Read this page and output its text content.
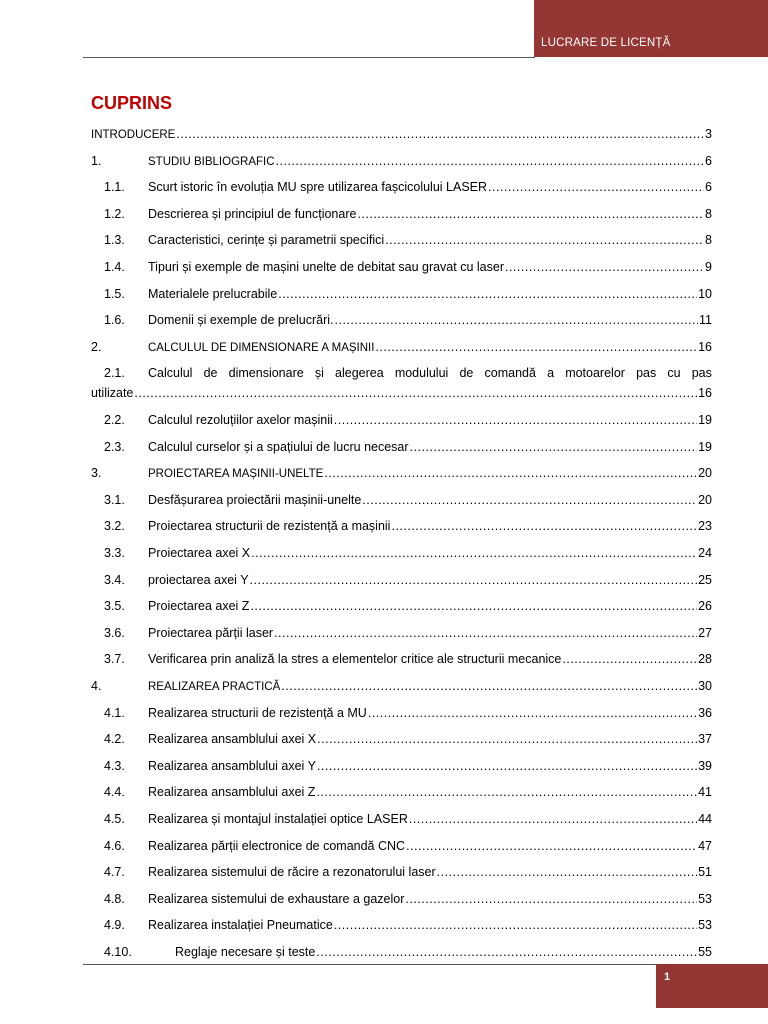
LUCRARE DE LICENȚĂ
CUPRINS
INTRODUCERE .....	3
1.	STUDIU BIBLIOGRAFIC .....	6
1.1.	Scurt istoric în evoluția MU spre utilizarea fașcicolului LASER .....	6
1.2.	Descrierea și principiul de funcționare .....	8
1.3.	Caracteristici, cerințe și parametrii specifici .....	8
1.4.	Tipuri și exemple de mașini unelte de debitat sau gravat cu laser .....	9
1.5.	Materialele prelucrabile .....	10
1.6.	Domenii și exemple de prelucrări. .....	11
2.	CALCULUL DE DIMENSIONARE A MAȘINII .....	16
2.1.	Calculul de dimensionare și alegerea modulului de comandă a motoarelor pas cu pas
utilizate .....	16
2.2.	Calculul rezoluțiilor axelor mașinii .....	19
2.3.	Calculul curselor și a spațiului de lucru necesar .....	19
3.	PROIECTAREA MAȘINII-UNELTE .....	20
3.1.	Desfășurarea proiectării mașinii-unelte .....	20
3.2.	Proiectarea structurii de rezistență a mașinii .....	23
3.3.	Proiectarea axei X .....	24
3.4.	proiectarea axei Y .....	25
3.5.	Proiectarea axei Z .....	26
3.6.	Proiectarea părții laser .....	27
3.7.	Verificarea prin analiză la stres a elementelor critice ale structurii mecanice .....	28
4.	REALIZAREA PRACTICĂ .....	30
4.1.	Realizarea structurii de rezistență a MU .....	36
4.2.	Realizarea ansamblului axei X .....	37
4.3.	Realizarea ansamblului axei Y .....	39
4.4.	Realizarea ansamblului axei Z .....	41
4.5.	Realizarea și montajul instalației optice LASER .....	44
4.6.	Realizarea părții electronice de comandă CNC .....	47
4.7.	Realizarea sistemului de răcire a rezonatorului laser .....	51
4.8.	Realizarea sistemului de exhaustare a gazelor .....	53
4.9.	Realizarea instalației Pneumatice .....	53
4.10.	Reglaje necesare și teste .....	55
1
